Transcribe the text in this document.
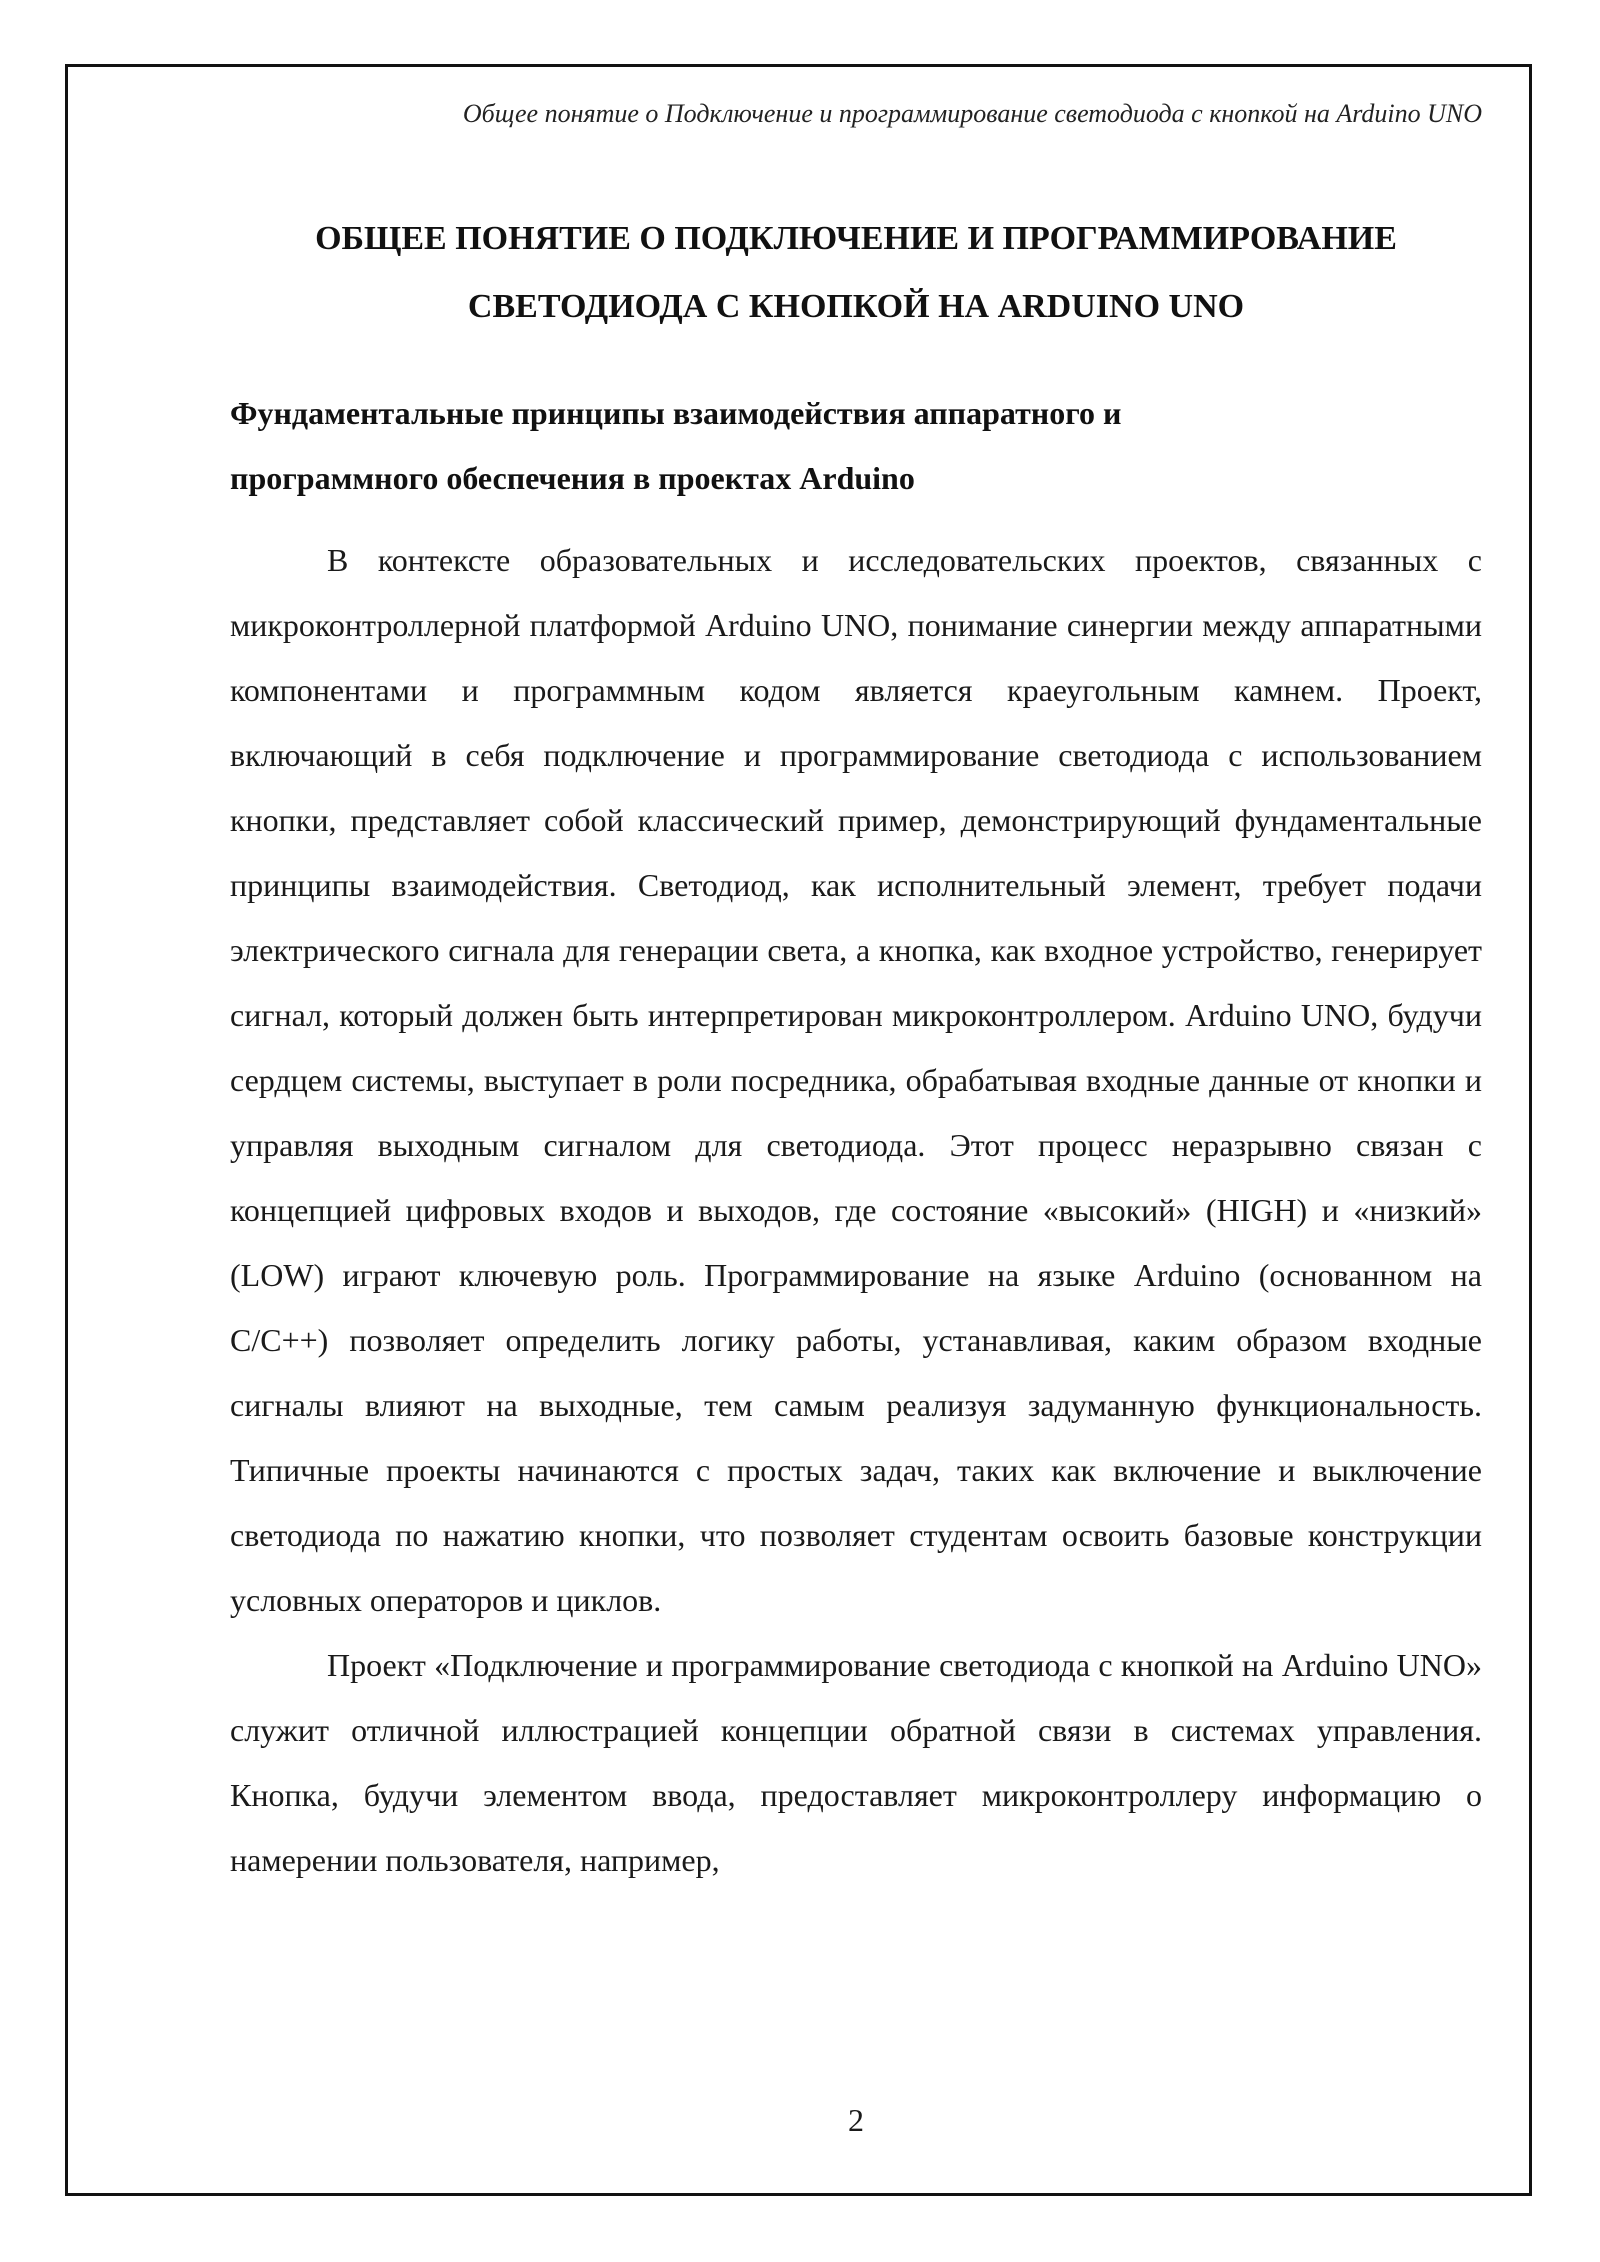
Общее понятие о Подключение и программирование светодиода с кнопкой на Arduino UNO
ОБЩЕЕ ПОНЯТИЕ О ПОДКЛЮЧЕНИЕ И ПРОГРАММИРОВАНИЕ
СВЕТОДИОДА С КНОПКОЙ НА ARDUINO UNO
Фундаментальные принципы взаимодействия аппаратного и
программного обеспечения в проектах Arduino

В контексте образовательных и исследовательских проектов, связанных с микроконтроллерной платформой Arduino UNO, понимание синергии между аппаратными компонентами и программным кодом является краеугольным камнем. Проект, включающий в себя подключение и программирование светодиода с использованием кнопки, представляет собой классический пример, демонстрирующий фундаментальные принципы взаимодействия. Светодиод, как исполнительный элемент, требует подачи электрического сигнала для генерации света, а кнопка, как входное устройство, генерирует сигнал, который должен быть интерпретирован микроконтроллером. Arduino UNO, будучи сердцем системы, выступает в роли посредника, обрабатывая входные данные от кнопки и управляя выходным сигналом для светодиода. Этот процесс неразрывно связан с концепцией цифровых входов и выходов, где состояние «высокий» (HIGH) и «низкий» (LOW) играют ключевую роль. Программирование на языке Arduino (основанном на C/C++) позволяет определить логику работы, устанавливая, каким образом входные сигналы влияют на выходные, тем самым реализуя задуманную функциональность. Типичные проекты начинаются с простых задач, таких как включение и выключение светодиода по нажатию кнопки, что позволяет студентам освоить базовые конструкции условных операторов и циклов.

Проект «Подключение и программирование светодиода с кнопкой на Arduino UNO» служит отличной иллюстрацией концепции обратной связи в системах управления. Кнопка, будучи элементом ввода, предоставляет микроконтроллеру информацию о намерении пользователя, например,

2
